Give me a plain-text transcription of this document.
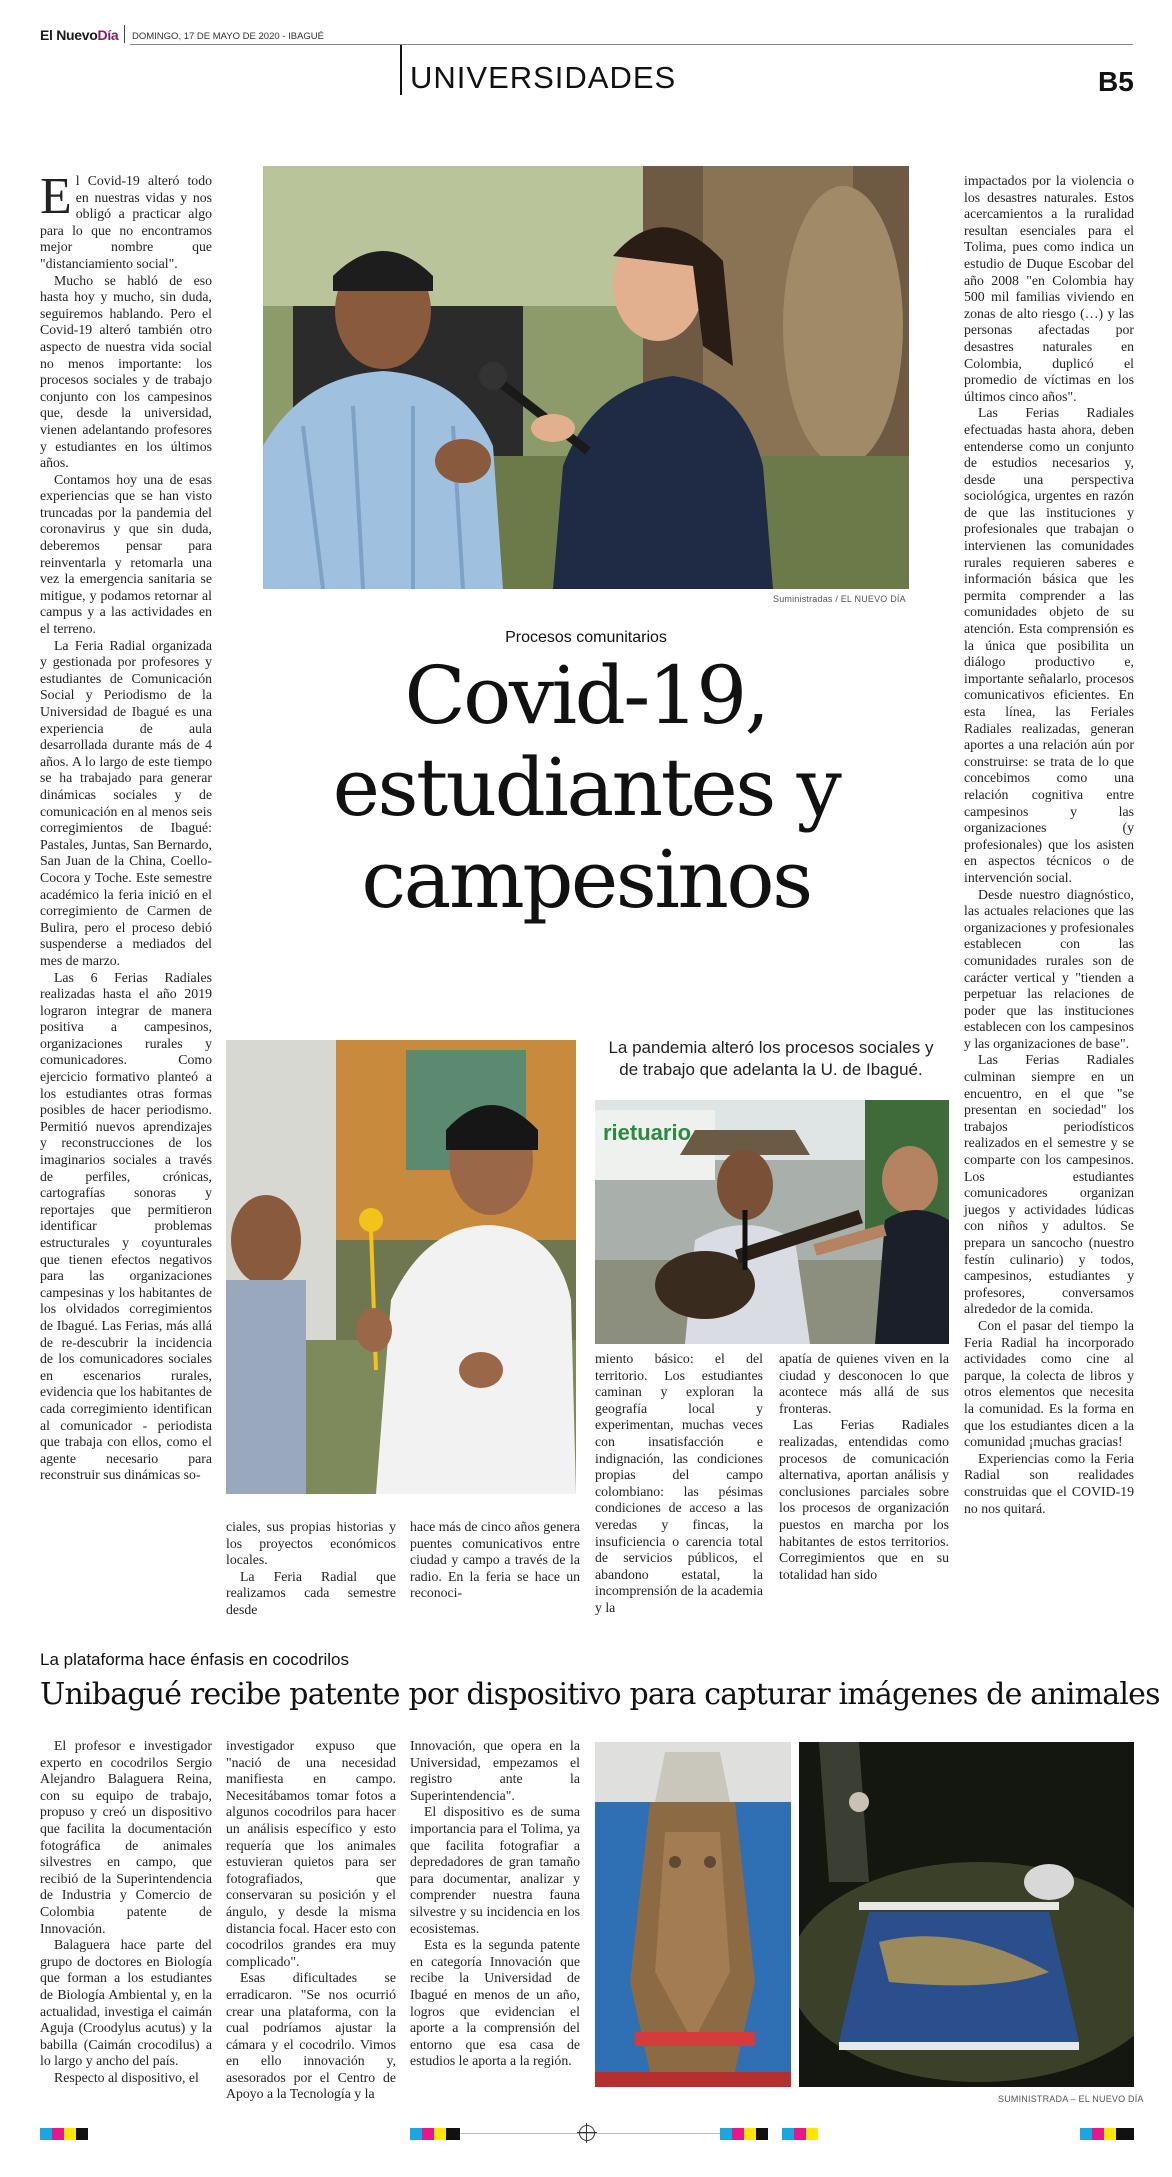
El NuevoDía DOMINGO, 17 DE MAYO DE 2020 - IBAGUÉ
UNIVERSIDADES	B5
Suministradas / EL NUEVO DÍA
Procesos comunitarios
Covid-19,
estudiantes y
campesinos
La pandemia alteró los procesos sociales y de trabajo que adelanta la U. de Ibagué.
rietuario

El Covid-19 alteró todo en nuestras vidas y nos obligó a practicar algo para lo que no encontramos mejor nombre que "distanciamiento social".

Mucho se habló de eso hasta hoy y mucho, sin duda, seguiremos hablando. Pero el Covid-19 alteró también otro aspecto de nuestra vida social no menos importante: los procesos sociales y de trabajo conjunto con los campesinos que, desde la universidad, vienen adelantando profesores y estudiantes en los últimos años.

Contamos hoy una de esas experiencias que se han visto truncadas por la pandemia del coronavirus y que sin duda, deberemos pensar para reinventarla y retomarla una vez la emergencia sanitaria se mitigue, y podamos retornar al campus y a las actividades en el terreno.

La Feria Radial organizada y gestionada por profesores y estudiantes de Comunicación Social y Periodismo de la Universidad de Ibagué es una experiencia de aula desarrollada durante más de 4 años. A lo largo de este tiempo se ha trabajado para generar dinámicas sociales y de comunicación en al menos seis corregimientos de Ibagué: Pastales, Juntas, San Bernardo, San Juan de la China, Coello-Cocora y Toche. Este semestre académico la feria inició en el corregimiento de Carmen de Bulira, pero el proceso debió suspenderse a mediados del mes de marzo.

Las 6 Ferias Radiales realizadas hasta el año 2019 lograron integrar de manera positiva a campesinos, organizaciones rurales y comunicadores. Como ejercicio formativo planteó a los estudiantes otras formas posibles de hacer periodismo. Permitió nuevos aprendizajes y reconstrucciones de los imaginarios sociales a través de perfiles, crónicas, cartografías sonoras y reportajes que permitieron identificar problemas estructurales y coyunturales que tienen efectos negativos para las organizaciones campesinas y los habitantes de los olvidados corregimientos de Ibagué. Las Ferias, más allá de re-descubrir la incidencia de los comunicadores sociales en escenarios rurales, evidencia que los habitantes de cada corregimiento identifican al comunicador - periodista que trabaja con ellos, como el agente necesario para reconstruir sus dinámicas so-

ciales, sus propias historias y los proyectos económicos locales.

La Feria Radial que realizamos cada semestre desde

hace más de cinco años genera puentes comunicativos entre ciudad y campo a través de la radio. En la feria se hace un reconoci-

miento básico: el del territorio. Los estudiantes caminan y exploran la geografía local y experimentan, muchas veces con insatisfacción e indignación, las condiciones propias del campo colombiano: las pésimas condiciones de acceso a las veredas y fincas, la insuficiencia o carencia total de servicios públicos, el abandono estatal, la incomprensión de la academia y la

apatía de quienes viven en la ciudad y desconocen lo que acontece más allá de sus fronteras.

Las Ferias Radiales realizadas, entendidas como procesos de comunicación alternativa, aportan análisis y conclusiones parciales sobre los procesos de organización puestos en marcha por los habitantes de estos territorios. Corregimientos que en su totalidad han sido

impactados por la violencia o los desastres naturales. Estos acercamientos a la ruralidad resultan esenciales para el Tolima, pues como indica un estudio de Duque Escobar del año 2008 "en Colombia hay 500 mil familias viviendo en zonas de alto riesgo (…) y las personas afectadas por desastres naturales en Colombia, duplicó el promedio de víctimas en los últimos cinco años".

Las Ferias Radiales efectuadas hasta ahora, deben entenderse como un conjunto de estudios necesarios y, desde una perspectiva sociológica, urgentes en razón de que las instituciones y profesionales que trabajan o intervienen las comunidades rurales requieren saberes e información básica que les permita comprender a las comunidades objeto de su atención. Esta comprensión es la única que posibilita un diálogo productivo e, importante señalarlo, procesos comunicativos eficientes. En esta línea, las Feriales Radiales realizadas, generan aportes a una relación aún por construirse: se trata de lo que concebimos como una relación cognitiva entre campesinos y las organizaciones (y profesionales) que los asisten en aspectos técnicos o de intervención social.

Desde nuestro diagnóstico, las actuales relaciones que las organizaciones y profesionales establecen con las comunidades rurales son de carácter vertical y "tienden a perpetuar las relaciones de poder que las instituciones establecen con los campesinos y las organizaciones de base".

Las Ferias Radiales culminan siempre en un encuentro, en el que "se presentan en sociedad" los trabajos periodísticos realizados en el semestre y se comparte con los campesinos. Los estudiantes comunicadores organizan juegos y actividades lúdicas con niños y adultos. Se prepara un sancocho (nuestro festín culinario) y todos, campesinos, estudiantes y profesores, conversamos alrededor de la comida.

Con el pasar del tiempo la Feria Radial ha incorporado actividades como cine al parque, la colecta de libros y otros elementos que necesita la comunidad. Es la forma en que los estudiantes dicen a la comunidad ¡muchas gracias!

Experiencias como la Feria Radial son realidades construidas que el COVID-19 no nos quitará.

La plataforma hace énfasis en cocodrilos
Unibagué recibe patente por dispositivo para capturar imágenes de animales

El profesor e investigador experto en cocodrilos Sergio Alejandro Balaguera Reina, con su equipo de trabajo, propuso y creó un dispositivo que facilita la documentación fotográfica de animales silvestres en campo, que recibió de la Superintendencia de Industria y Comercio de Colombia patente de Innovación.

Balaguera hace parte del grupo de doctores en Biología que forman a los estudiantes de Biología Ambiental y, en la actualidad, investiga el caimán Aguja (Croodylus acutus) y la babilla (Caimán crocodilus) a lo largo y ancho del país.

Respecto al dispositivo, el

investigador expuso que "nació de una necesidad manifiesta en campo. Necesitábamos tomar fotos a algunos cocodrilos para hacer un análisis específico y esto requería que los animales estuvieran quietos para ser fotografiados, que conservaran su posición y el ángulo, y desde la misma distancia focal. Hacer esto con cocodrilos grandes era muy complicado".

Esas dificultades se erradicaron. "Se nos ocurrió crear una plataforma, con la cual podríamos ajustar la cámara y el cocodrilo. Vimos en ello innovación y, asesorados por el Centro de Apoyo a la Tecnología y la

Innovación, que opera en la Universidad, empezamos el registro ante la Superintendencia".

El dispositivo es de suma importancia para el Tolima, ya que facilita fotografiar a depredadores de gran tamaño para documentar, analizar y comprender nuestra fauna silvestre y su incidencia en los ecosistemas.

Esta es la segunda patente en categoría Innovación que recibe la Universidad de Ibagué en menos de un año, logros que evidencian el aporte a la comprensión del entorno que esa casa de estudios le aporta a la región.

SUMINISTRADA – EL NUEVO DÍA
